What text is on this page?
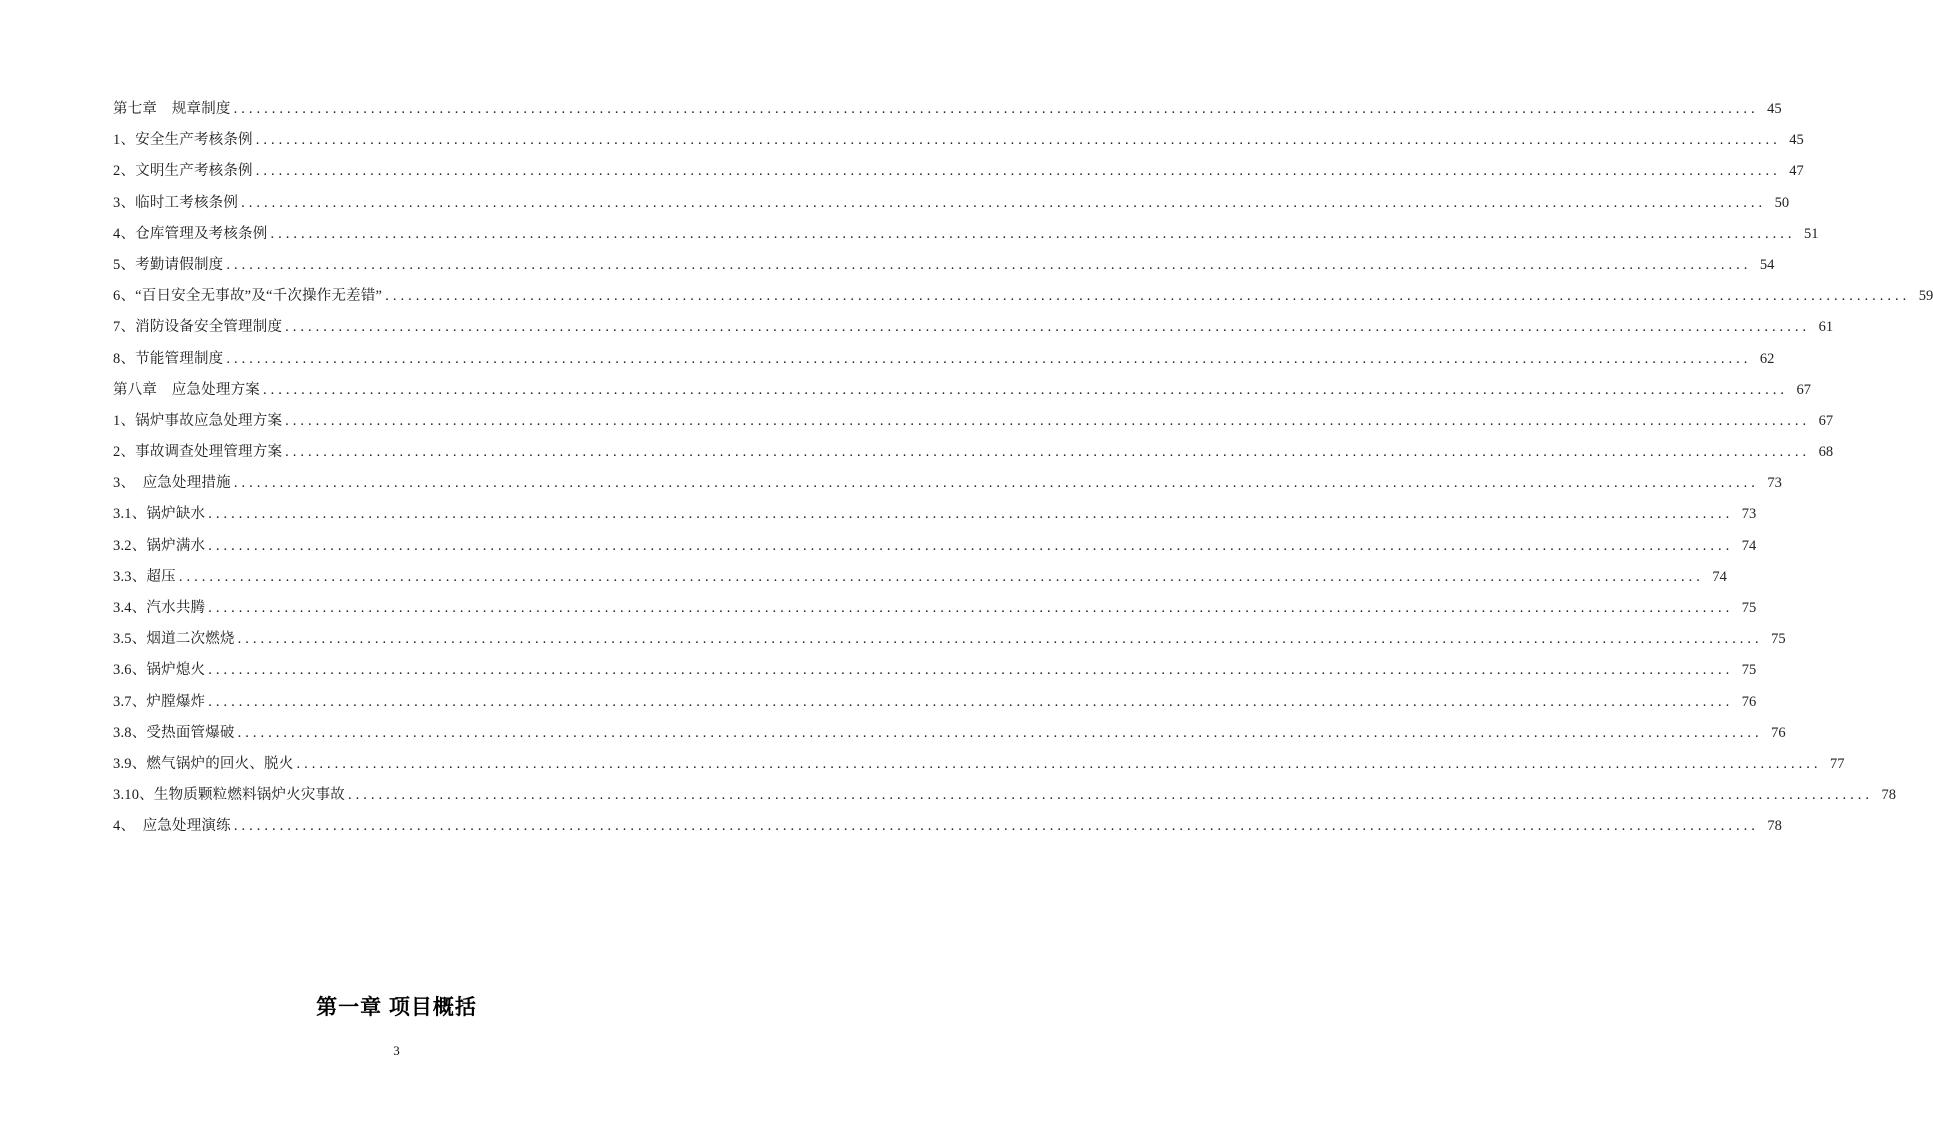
第七章　规章制度 ........................................................................................................................................................................................................ 45
1、安全生产考核条例 ........................................................................................................................................................................................................ 45
2、文明生产考核条例 ........................................................................................................................................................................................................ 47
3、临时工考核条例 ........................................................................................................................................................................................................ 50
4、仓库管理及考核条例 ........................................................................................................................................................................................................ 51
5、考勤请假制度 ........................................................................................................................................................................................................ 54
6、“百日安全无事故”及“千次操作无差错” ........................................................................................................................................................................................................ 59
7、消防设备安全管理制度 ........................................................................................................................................................................................................ 61
8、节能管理制度 ........................................................................................................................................................................................................ 62
第八章　应急处理方案 ........................................................................................................................................................................................................ 67
1、锅炉事故应急处理方案 ........................................................................................................................................................................................................ 67
2、事故调查处理管理方案 ........................................................................................................................................................................................................ 68
3、　应急处理措施 ........................................................................................................................................................................................................ 73
3.1、锅炉缺水 ........................................................................................................................................................................................................ 73
3.2、锅炉满水 ........................................................................................................................................................................................................ 74
3.3、超压 ........................................................................................................................................................................................................ 74
3.4、汽水共腾 ........................................................................................................................................................................................................ 75
3.5、烟道二次燃烧 ........................................................................................................................................................................................................ 75
3.6、锅炉熄火 ........................................................................................................................................................................................................ 75
3.7、炉膛爆炸 ........................................................................................................................................................................................................ 76
3.8、受热面管爆破 ........................................................................................................................................................................................................ 76
3.9、燃气锅炉的回火、脱火 ........................................................................................................................................................................................................ 77
3.10、生物质颗粒燃料锅炉火灾事故 ........................................................................................................................................................................................................ 78
4、　应急处理演练 ........................................................................................................................................................................................................ 78
第一章 项目概括
3
